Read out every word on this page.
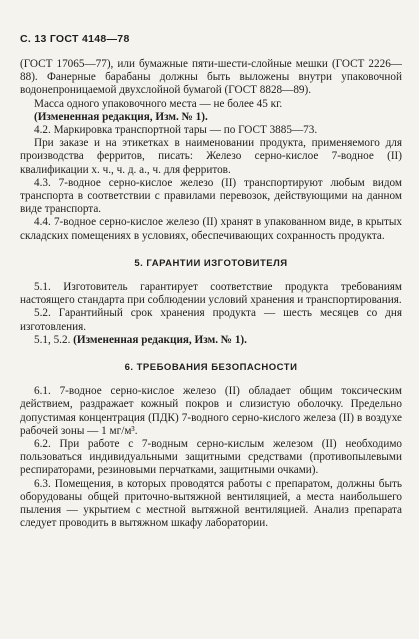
С. 13 ГОСТ 4148—78

(ГОСТ 17065—77), или бумажные пяти-шести-слойные мешки (ГОСТ 2226—88). Фанерные барабаны должны быть выложены внутри упаковочной водонепроницаемой двухслойной бумагой (ГОСТ 8828—89).

Масса одного упаковочного места — не более 45 кг.

(Измененная редакция, Изм. № 1).

4.2. Маркировка транспортной тары — по ГОСТ 3885—73.

При заказе и на этикетках в наименовании продукта, применяемого для производства ферритов, писать: Железо серно-кислое 7-водное (II) квалификации х. ч., ч. д. а., ч. для ферритов.

4.3. 7-водное серно-кислое железо (II) транспортируют любым видом транспорта в соответствии с правилами перевозок, действующими на данном виде транспорта.

4.4. 7-водное серно-кислое железо (II) хранят в упакованном виде, в крытых складских помещениях в условиях, обеспечивающих сохранность продукта.

5. ГАРАНТИИ ИЗГОТОВИТЕЛЯ

5.1. Изготовитель гарантирует соответствие продукта требованиям настоящего стандарта при соблюдении условий хранения и транспортирования.

5.2. Гарантийный срок хранения продукта — шесть месяцев со дня изготовления.

5.1, 5.2. (Измененная редакция, Изм. № 1).

6. ТРЕБОВАНИЯ БЕЗОПАСНОСТИ

6.1. 7-водное серно-кислое железо (II) обладает общим токсическим действием, раздражает кожный покров и слизистую оболочку. Предельно допустимая концентрация (ПДК) 7-водного серно-кислого железа (II) в воздухе рабочей зоны — 1 мг/м³.

6.2. При работе с 7-водным серно-кислым железом (II) необходимо пользоваться индивидуальными защитными средствами (противопылевыми респираторами, резиновыми перчатками, защитными очками).

6.3. Помещения, в которых проводятся работы с препаратом, должны быть оборудованы общей приточно-вытяжной вентиляцией, а места наибольшего пыления — укрытием с местной вытяжной вентиляцией. Анализ препарата следует проводить в вытяжном шкафу лаборатории.
